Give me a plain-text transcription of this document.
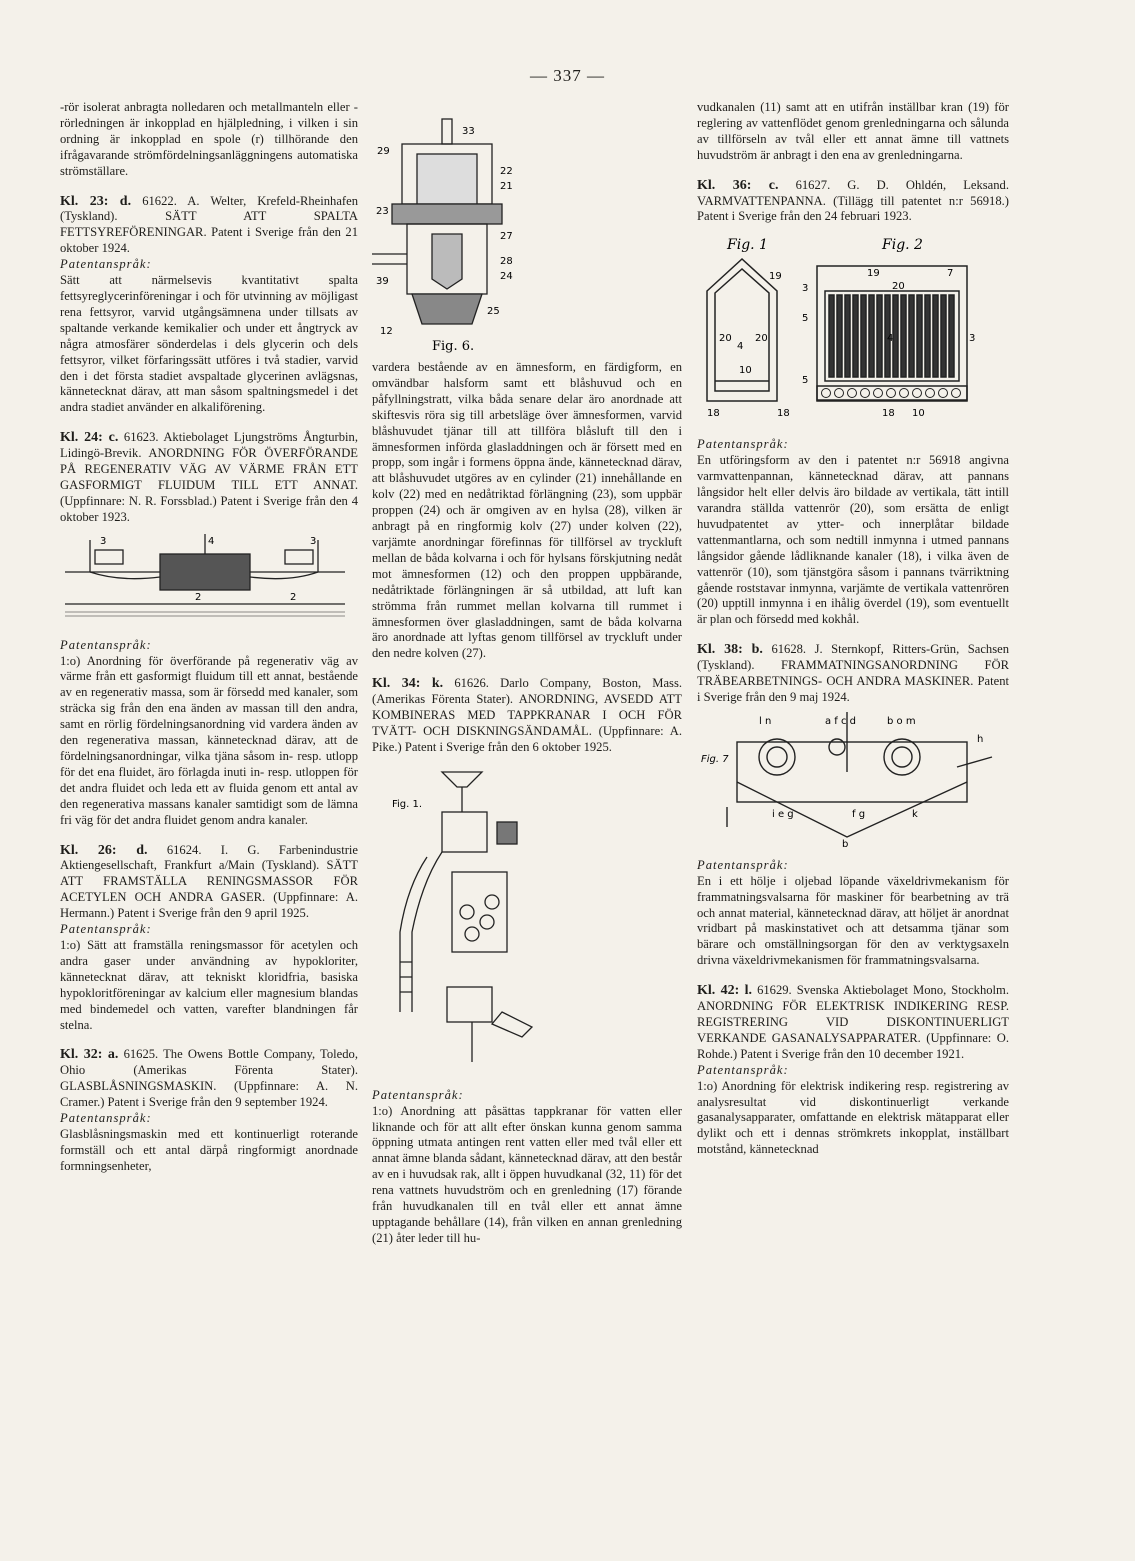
— 337 —

-rör isolerat anbragta nolledaren och metallmanteln eller -rörledningen är inkopplad en hjälpledning, i vilken i sin ordning är inkopplad en spole (r) tillhörande den ifrågavarande strömfördelningsanläggningens automatiska strömställare.

Kl. 23: d. 61622. A. Welter, Krefeld-Rheinhafen (Tyskland). SÄTT ATT SPALTA FETTSYREFÖRENINGAR. Patent i Sverige från den 21 oktober 1924.

Patentanspråk:

Sätt att närmelsevis kvantitativt spalta fettsyreglycerinföreningar i och för utvinning av möjligast rena fettsyror, varvid utgångsämnena under tillsats av spaltande verkande kemikalier och under ett ångtryck av några atmosfärer sönderdelas i dels glycerin och dels fettsyror, vilket förfaringssätt utföres i två stadier, varvid den i det första stadiet avspaltade glycerinen avlägsnas, kännetecknat därav, att man såsom spaltningsmedel i det andra stadiet använder en alkaliförening.

Kl. 24: c. 61623. Aktiebolaget Ljungströms Ångturbin, Lidingö-Brevik. ANORDNING FÖR ÖVERFÖRANDE PÅ REGENERATIV VÄG AV VÄRME FRÅN ETT GASFORMIGT FLUIDUM TILL ETT ANNAT. (Uppfinnare: N. R. Forssblad.) Patent i Sverige från den 4 oktober 1923.

2	2
3	3
4

Patentanspråk:

1:o) Anordning för överförande på regenerativ väg av värme från ett gasformigt fluidum till ett annat, bestående av en regenerativ massa, som är försedd med kanaler, som sträcka sig från den ena änden av massan till den andra, samt en rörlig fördelningsanordning vid vardera änden av den regenerativa massan, kännetecknad därav, att de fördelningsanordningar, vilka tjäna såsom in- resp. utlopp för det ena fluidet, äro förlagda inuti in- resp. utloppen för det andra fluidet och leda ett av fluida genom ett antal av den regenerativa massans kanaler samtidigt som de lämna fri väg för det andra fluidet genom andra kanaler.

Kl. 26: d. 61624. I. G. Farbenindustrie Aktiengesellschaft, Frankfurt a/Main (Tyskland). SÄTT ATT FRAMSTÄLLA RENINGSMASSOR FÖR ACETYLEN OCH ANDRA GASER. (Uppfinnare: A. Hermann.) Patent i Sverige från den 9 april 1925.

Patentanspråk:

1:o) Sätt att framställa reningsmassor för acetylen och andra gaser under användning av hypokloriter, kännetecknat därav, att tekniskt kloridfria, basiska hypokloritföreningar av kalcium eller magnesium blandas med bindemedel och vatten, varefter blandningen får stelna.

Kl. 32: a. 61625. The Owens Bottle Company, Toledo, Ohio (Amerikas Förenta Stater). GLASBLÅSNINGSMASKIN. (Uppfinnare: A. N. Cramer.) Patent i Sverige från den 9 september 1924.

Patentanspråk:

Glasblåsningsmaskin med ett kontinuerligt roterande formställ och ett antal därpå ringformigt anordnade formningsenheter,

33
29
22
21
23
27
28
24
39
12
25
Fig. 6.

vardera bestående av en ämnesform, en färdigform, en omvändbar halsform samt ett blåshuvud och en påfyllningstratt, vilka båda senare delar äro anordnade att skiftesvis röra sig till arbetsläge över ämnesformen, varvid blåshuvudet tjänar till att tillföra blåsluft till den i ämnesformen införda glasladdningen och är försett med en propp, som ingår i formens öppna ände, kännetecknad därav, att blåshuvudet utgöres av en cylinder (21) innehållande en kolv (22) med en nedåtriktad förlängning (23), som uppbär proppen (24) och är omgiven av en hylsa (28), vilken är anbragt på en ringformig kolv (27) under kolven (22), varjämte anordningar förefinnas för tillförsel av tryckluft mellan de båda kolvarna i och för hylsans förskjutning nedåt mot ämnesformen (12) och den proppen uppbärande, nedåtriktade förlängningen är så utbildad, att luft kan strömma från rummet mellan kolvarna till rummet i ämnesformen över glasladdningen, samt de båda kolvarna äro anordnade att lyftas genom tillförsel av tryckluft under den nedre kolven (27).

Kl. 34: k. 61626. Darlo Company, Boston, Mass. (Amerikas Förenta Stater). ANORDNING, AVSEDD ATT KOMBINERAS MED TAPPKRANAR I OCH FÖR TVÄTT- OCH DISKNINGSÄNDAMÅL. (Uppfinnare: A. Pike.) Patent i Sverige från den 6 oktober 1925.

Fig. 1.

Patentanspråk:

1:o) Anordning att påsättas tappkranar för vatten eller liknande och för att allt efter önskan kunna genom samma öppning utmata antingen rent vatten eller med tvål eller ett annat ämne blanda sådant, kännetecknad därav, att den består av en i huvudsak rak, allt i öppen huvudkanal (32, 11) för det rena vattnets huvudström och en grenledning (17) förande från huvudkanalen till en tvål eller ett annat ämne upptagande behållare (14), från vilken en annan grenledning (21) åter leder till hu-

vudkanalen (11) samt att en utifrån inställbar kran (19) för reglering av vattenflödet genom grenledningarna och sålunda av tillförseln av tvål eller ett annat ämne till vattnets huvudström är anbragt i den ena av grenledningarna.

Kl. 36: c. 61627. G. D. Ohldén, Leksand. VARMVATTENPANNA. (Tillägg till patentet n:r 56918.) Patent i Sverige från den 24 februari 1923.

Fig. 1	Fig. 2
19
20
4
20
10
18	18
19
20
3
5
5
3
7
4
18 10

Patentanspråk:

En utföringsform av den i patentet n:r 56918 angivna varmvattenpannan, kännetecknad därav, att pannans långsidor helt eller delvis äro bildade av vertikala, tätt intill varandra ställda vattenrör (20), som ersätta de enligt huvudpatentet av ytter- och innerplåtar bildade vattenmantlarna, och som nedtill inmynna i utmed pannans långsidor gående lådliknande kanaler (18), i vilka även de vattenrör (10), som tjänstgöra såsom i pannans tvärriktning gående roststavar inmynna, varjämte de vertikala vattenrören (20) upptill inmynna i en ihålig överdel (19), som eventuellt är plan och försedd med kokhål.

Kl. 38: b. 61628. J. Sternkopf, Ritters-Grün, Sachsen (Tyskland). FRAMMATNINGSANORDNING FÖR TRÄBEARBETNINGS- OCH ANDRA MASKINER. Patent i Sverige från den 9 maj 1924.

Fig. 7
l n	a f c d	b o m
i e g	f g	k
b
h

Patentanspråk:

En i ett hölje i oljebad löpande växeldrivmekanism för frammatningsvalsarna för maskiner för bearbetning av trä och annat material, kännetecknad därav, att höljet är anordnat vridbart på maskinstativet och att detsamma tjänar som bärare och omställningsorgan för den av verktygsaxeln drivna växeldrivmekanismen för frammatningsvalsarna.

Kl. 42: l. 61629. Svenska Aktiebolaget Mono, Stockholm. ANORDNING FÖR ELEKTRISK INDIKERING RESP. REGISTRERING VID DISKONTINUERLIGT VERKANDE GASANALYSAPPARATER. (Uppfinnare: O. Rohde.) Patent i Sverige från den 10 december 1921.

Patentanspråk:

1:o) Anordning för elektrisk indikering resp. registrering av analysresultat vid diskontinuerligt verkande gasanalysapparater, omfattande en elektrisk mätapparat eller dylikt och ett i dennas strömkrets inkopplat, inställbart motstånd, kännetecknad
